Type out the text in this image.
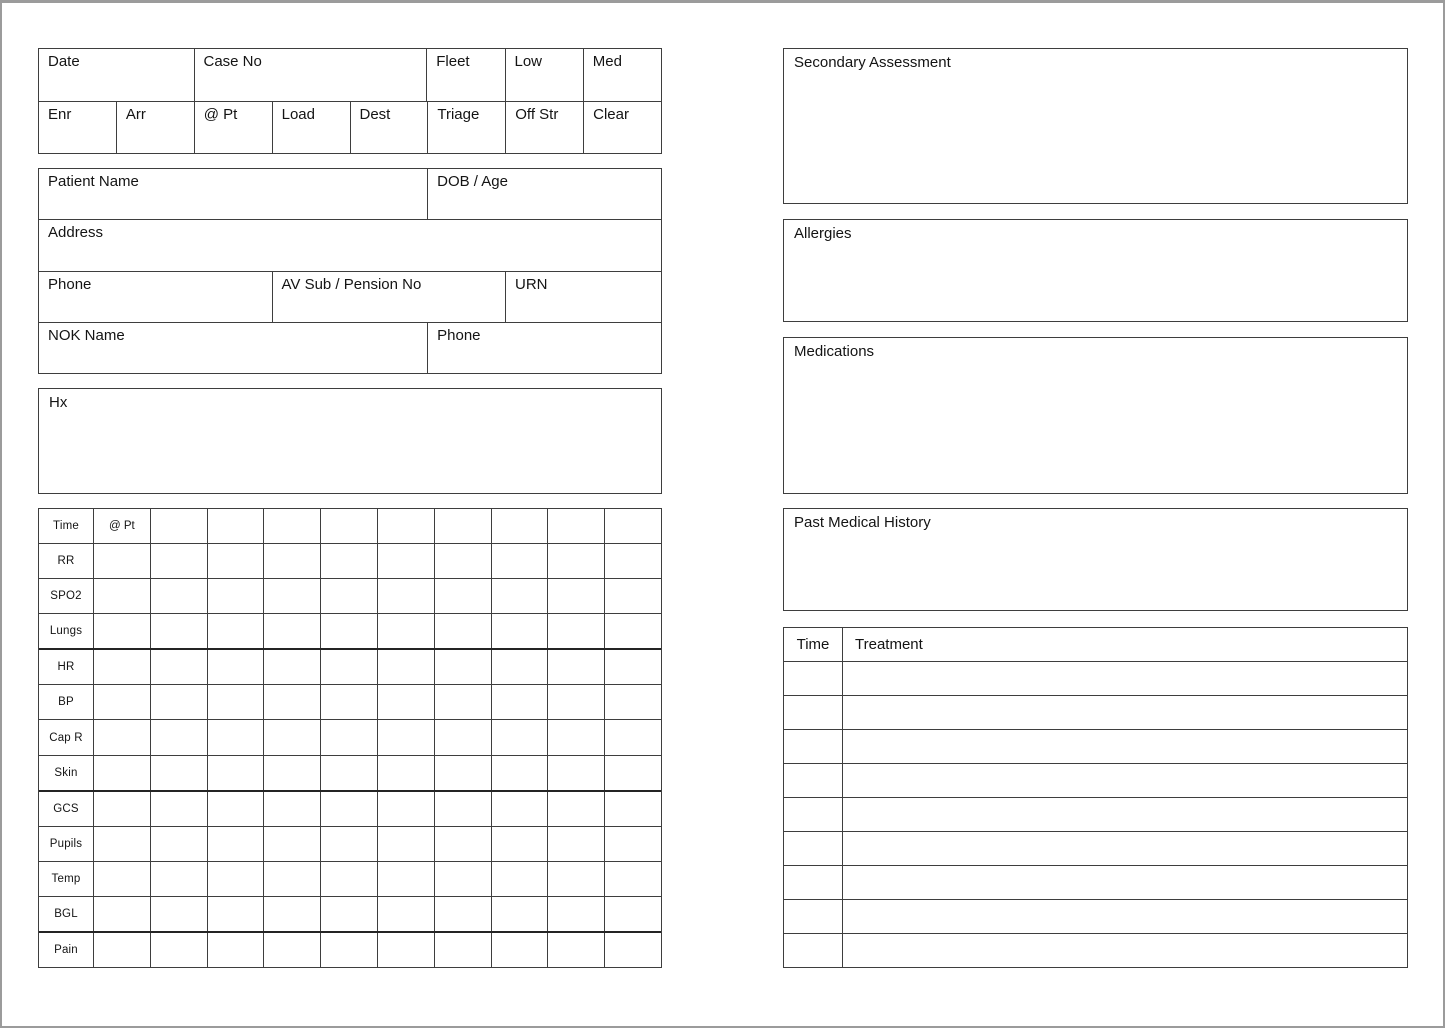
Date	Case No	Fleet	Low	Med
Enr	Arr	@ Pt	Load	Dest	Triage	Off Str	Clear
Patient Name	DOB / Age
Address
Phone	AV Sub / Pension No	URN
NOK Name	Phone
Hx
Time	@ Pt
RR
SPO2
Lungs
HR
BP
Cap R
Skin
GCS
Pupils
Temp
BGL
Pain
Secondary Assessment
Allergies
Medications
Past Medical History
Time	Treatment
